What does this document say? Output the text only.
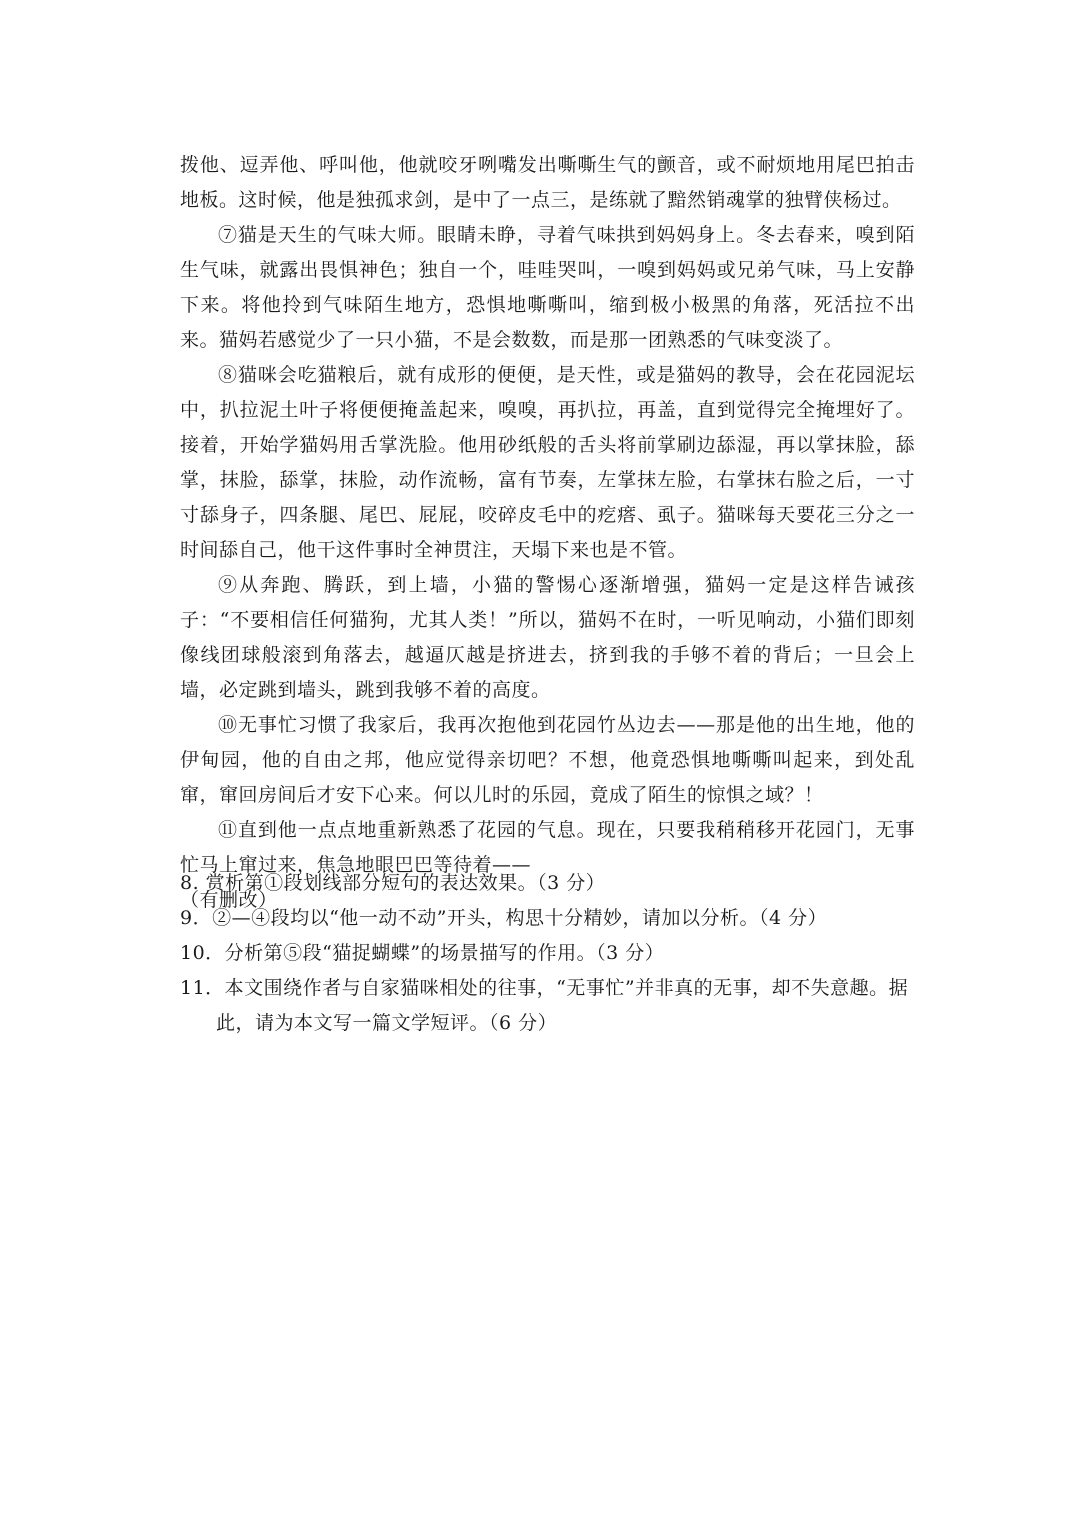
拨他、逗弄他、呼叫他，他就咬牙咧嘴发出嘶嘶生气的颤音，或不耐烦地用尾巴拍击地板。这时候，他是独孤求剑，是中了一点三，是练就了黯然销魂掌的独臂侠杨过。

⑦猫是天生的气味大师。眼睛未睁，寻着气味拱到妈妈身上。冬去春来，嗅到陌生气味，就露出畏惧神色；独自一个，哇哇哭叫，一嗅到妈妈或兄弟气味，马上安静下来。将他拎到气味陌生地方，恐惧地嘶嘶叫，缩到极小极黑的角落，死活拉不出来。猫妈若感觉少了一只小猫，不是会数数，而是那一团熟悉的气味变淡了。

⑧猫咪会吃猫粮后，就有成形的便便，是天性，或是猫妈的教导，会在花园泥坛中，扒拉泥土叶子将便便掩盖起来，嗅嗅，再扒拉，再盖，直到觉得完全掩埋好了。接着，开始学猫妈用舌掌洗脸。他用砂纸般的舌头将前掌刷边舔湿，再以掌抹脸，舔掌，抹脸，舔掌，抹脸，动作流畅，富有节奏，左掌抹左脸，右掌抹右脸之后，一寸寸舔身子，四条腿、尾巴、屁屁，咬碎皮毛中的疙瘩、虱子。猫咪每天要花三分之一时间舔自己，他干这件事时全神贯注，天塌下来也是不管。

⑨从奔跑、腾跃，到上墙，小猫的警惕心逐渐增强，猫妈一定是这样告诫孩子：“不要相信任何猫狗，尤其人类！”所以，猫妈不在时，一听见响动，小猫们即刻像线团球般滚到角落去，越逼仄越是挤进去，挤到我的手够不着的背后；一旦会上墙，必定跳到墙头，跳到我够不着的高度。

⑩无事忙习惯了我家后，我再次抱他到花园竹丛边去——那是他的出生地，他的伊甸园，他的自由之邦，他应觉得亲切吧？不想，他竟恐惧地嘶嘶叫起来，到处乱窜，窜回房间后才安下心来。何以儿时的乐园，竟成了陌生的惊惧之域？！

⑪直到他一点点地重新熟悉了花园的气息。现在，只要我稍稍移开花园门，无事忙马上窜过来，焦急地眼巴巴等待着——

（有删改）

8. 赏析第①段划线部分短句的表达效果。（3 分）

9．②—④段均以“他一动不动”开头，构思十分精妙，请加以分析。（4 分）

10．分析第⑤段“猫捉蝴蝶”的场景描写的作用。（3 分）

11．本文围绕作者与自家猫咪相处的往事，“无事忙”并非真的无事，却不失意趣。据此，请为本文写一篇文学短评。（6 分）
